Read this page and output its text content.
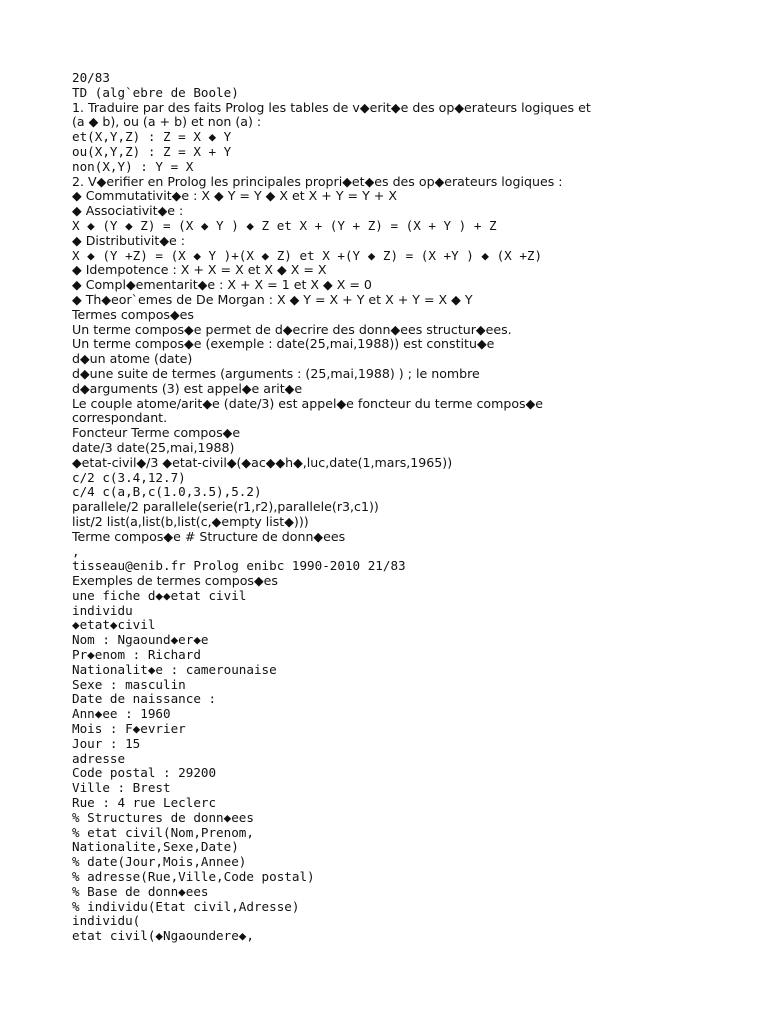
20/83
TD (alg`ebre de Boole)
1. Traduire par des faits Prolog les tables de v◆erit◆e des op◆erateurs logiques et
(a ◆ b), ou (a + b) et non (a) :
et(X,Y,Z) : Z = X ◆ Y
ou(X,Y,Z) : Z = X + Y
non(X,Y) : Y = X
2. V◆erifier en Prolog les principales propri◆et◆es des op◆erateurs logiques :
◆ Commutativit◆e : X ◆ Y = Y ◆ X et X + Y = Y + X
◆ Associativit◆e :
X ◆ (Y ◆ Z) = (X ◆ Y ) ◆ Z et X + (Y + Z) = (X + Y ) + Z
◆ Distributivit◆e :
X ◆ (Y +Z) = (X ◆ Y )+(X ◆ Z) et X +(Y ◆ Z) = (X +Y ) ◆ (X +Z)
◆ Idempotence : X + X = X et X ◆ X = X
◆ Compl◆ementarit◆e : X + X = 1 et X ◆ X = 0
◆ Th◆eor`emes de De Morgan : X ◆ Y = X + Y et X + Y = X ◆ Y
Termes compos◆es
Un terme compos◆e permet de d◆ecrire des donn◆ees structur◆ees.
Un terme compos◆e (exemple : date(25,mai,1988)) est constitu◆e
d◆un atome (date)
d◆une suite de termes (arguments : (25,mai,1988) ) ; le nombre
d◆arguments (3) est appel◆e arit◆e
Le couple atome/arit◆e (date/3) est appel◆e foncteur du terme compos◆e
correspondant.
Foncteur Terme compos◆e
date/3 date(25,mai,1988)
◆etat-civil◆/3 ◆etat-civil◆(◆ac◆◆h◆,luc,date(1,mars,1965))
c/2 c(3.4,12.7)
c/4 c(a,B,c(1.0,3.5),5.2)
parallele/2 parallele(serie(r1,r2),parallele(r3,c1))
list/2 list(a,list(b,list(c,◆empty list◆)))
Terme compos◆e # Structure de donn◆ees
,
tisseau@enib.fr Prolog enibc 1990-2010 21/83
Exemples de termes compos◆es
une fiche d◆◆etat civil
individu
◆etat◆civil
Nom : Ngaound◆er◆e
Pr◆enom : Richard
Nationalit◆e : camerounaise
Sexe : masculin
Date de naissance :
Ann◆ee : 1960
Mois : F◆evrier
Jour : 15
adresse
Code postal : 29200
Ville : Brest
Rue : 4 rue Leclerc
% Structures de donn◆ees
% etat civil(Nom,Prenom,
Nationalite,Sexe,Date)
% date(Jour,Mois,Annee)
% adresse(Rue,Ville,Code postal)
% Base de donn◆ees
% individu(Etat civil,Adresse)
individu(
etat civil(◆Ngaoundere◆,
